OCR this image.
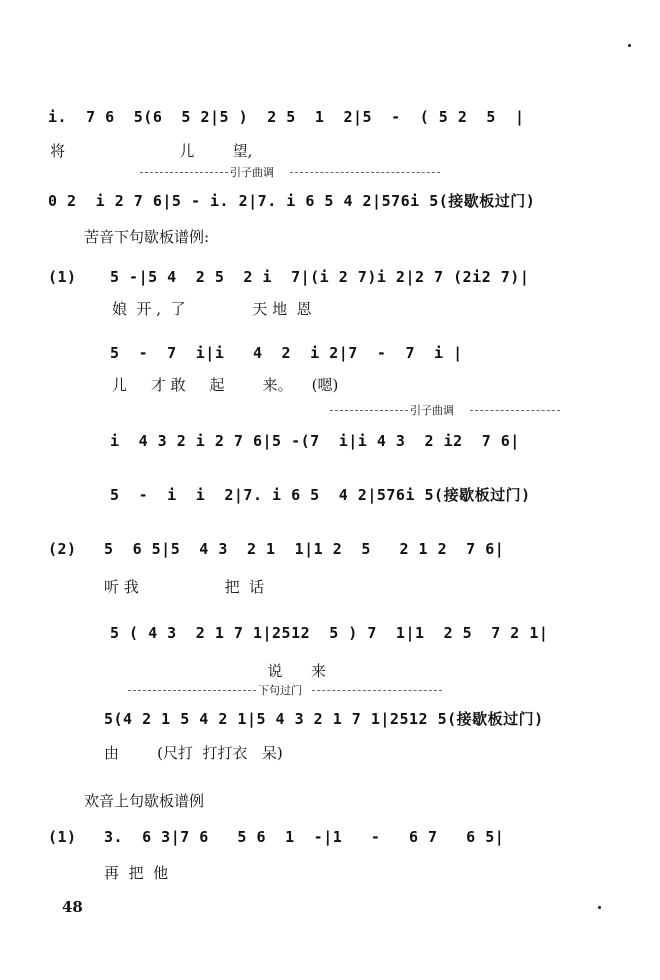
i.  7 6  5(6  5 2|5 )  2 5  1  2|5  -  ( 5 2  5  |
将                        儿        望,
引子曲调
0 2  i 2 7 6|5 - i. 2|7. i 6 5 4 2|576i 5(接歇板过门)
苦音下句歇板谱例:
(1) 5 -|5 4  2 5  2 i  7|(i 2 7)i 2|2 7 (2i2 7)|
娘  开 ,  了              天 地  恩
5  -  7  i|i   4  2  i 2|7  -  7  i |
儿     才 敢     起        来。    (嗯)
引子曲调
i  4 3 2 i 2 7 6|5 -(7  i|i 4 3  2 i2  7 6|
5  -  i  i  2|7. i 6 5  4 2|576i 5(接歇板过门)
(2) 5  6 5|5  4 3  2 1  1|1 2  5   2 1 2  7 6|
听 我                  把  话
5 ( 4 3  2 1 7 1|2512  5 ) 7  1|1  2 5  7 2 1|
说      来
下句过门
5(4 2 1 5 4 2 1|5 4 3 2 1 7 1|2512 5(接歇板过门)
由        (尺打  打打衣   呆)
欢音上句歇板谱例
(1) 3.  6 3|7 6   5 6  1  -|1   -   6 7   6 5|
再  把  他
48
